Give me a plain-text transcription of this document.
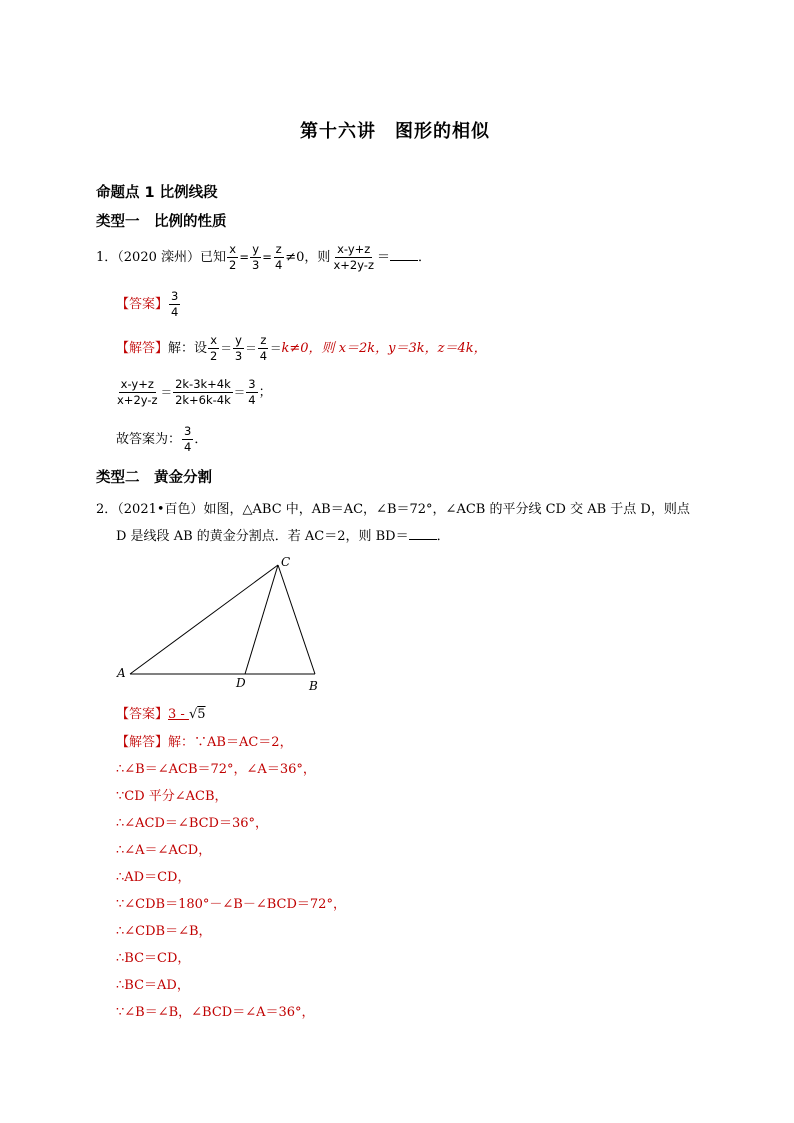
第十六讲　图形的相似
命题点 1 比例线段
类型一　比例的性质
1．（2020 滦州）已知 $\frac{x}{2} = \frac{y}{3} = \frac{z}{4} \ne 0$，则 $\frac{x-y+z}{x+2y-z}$ ＝ ．
【答案】 $\frac{3}{4}$
【解答】解：设 $\frac{x}{2} = \frac{y}{3} = \frac{z}{4} =k\ne 0$，则 x＝2k，y＝3k，z＝4k，
$\frac{x-y+z}{x+2y-z} = \frac{2k-3k+4k}{2k+6k-4k} = \frac{3}{4}$ ；
故答案为： $\frac{3}{4}$ ．
类型二　黄金分割
2．（2021•百色）如图，△ABC 中，AB＝AC，∠B＝72°，∠ACB 的平分线 CD 交 AB 于点 D，则点
D 是线段 AB 的黄金分割点．若 AC＝2，则 BD＝ ．
A
C
D	B
【答案】3 - √5
【解答】解：∵AB＝AC＝2，
∴∠B＝∠ACB＝72°，∠A＝36°，
∵CD 平分∠ACB，
∴∠ACD＝∠BCD＝36°，
∴∠A＝∠ACD，
∴AD＝CD，
∵∠CDB＝180°－∠B－∠BCD＝72°，
∴∠CDB＝∠B，
∴BC＝CD，
∴BC＝AD，
∵∠B＝∠B，∠BCD＝∠A＝36°，
